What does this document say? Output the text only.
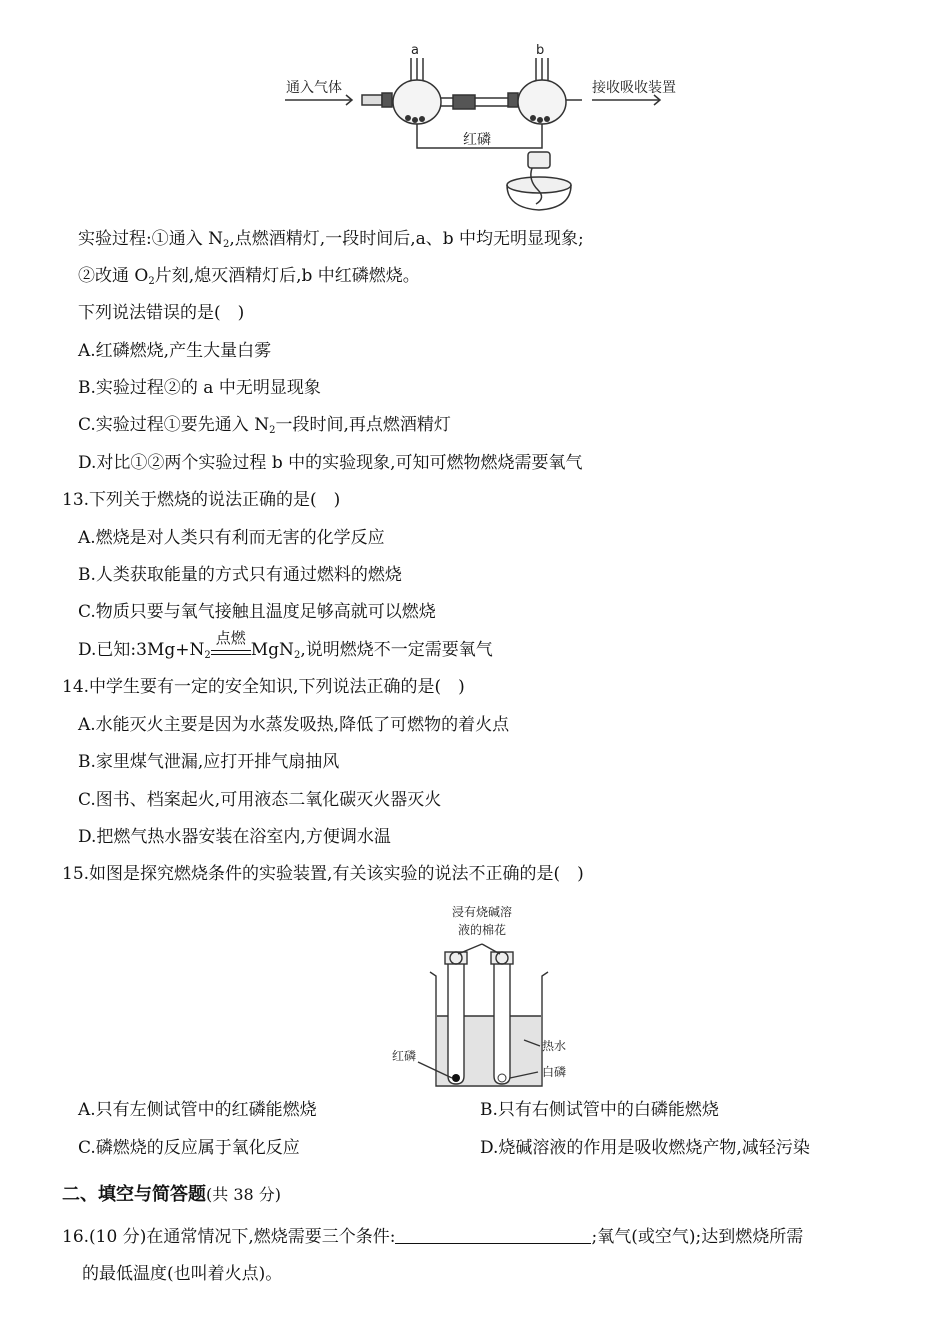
a	b
通入气体	接收吸收装置
红磷
实验过程:①通入 $N_2$,点燃酒精灯,一段时间后,a、b 中均无明显现象;
②改通 $O_2$片刻,熄灭酒精灯后,b 中红磷燃烧。
下列说法错误的是(　)
A.红磷燃烧,产生大量白雾
B.实验过程②的 a 中无明显现象
C.实验过程①要先通入 $N_2$一段时间,再点燃酒精灯
D.对比①②两个实验过程 b 中的实验现象,可知可燃物燃烧需要氧气
13.下列关于燃烧的说法正确的是(　)
A.燃烧是对人类只有利而无害的化学反应
B.人类获取能量的方式只有通过燃料的燃烧
C.物质只要与氧气接触且温度足够高就可以燃烧
D.已知$:3Mg+N_2$
点燃
MgN$_2$,说明燃烧不一定需要氧气
14.中学生要有一定的安全知识,下列说法正确的是(　)
A.水能灭火主要是因为水蒸发吸热,降低了可燃物的着火点
B.家里煤气泄漏,应打开排气扇抽风
C.图书、档案起火,可用液态二氧化碳灭火器灭火
D.把燃气热水器安装在浴室内,方便调水温
15.如图是探究燃烧条件的实验装置,有关该实验的说法不正确的是(　)
浸有烧碱溶
液的棉花
热水
白磷
红磷
A.只有左侧试管中的红磷能燃烧	B.只有右侧试管中的白磷能燃烧
C.磷燃烧的反应属于氧化反应	D.烧碱溶液的作用是吸收燃烧产物,减轻污染
二、填空与简答题(共 38 分)
16.(10 分)在通常情况下,燃烧需要三个条件:	;氧气(或空气);达到燃烧所需
的最低温度(也叫着火点)。
